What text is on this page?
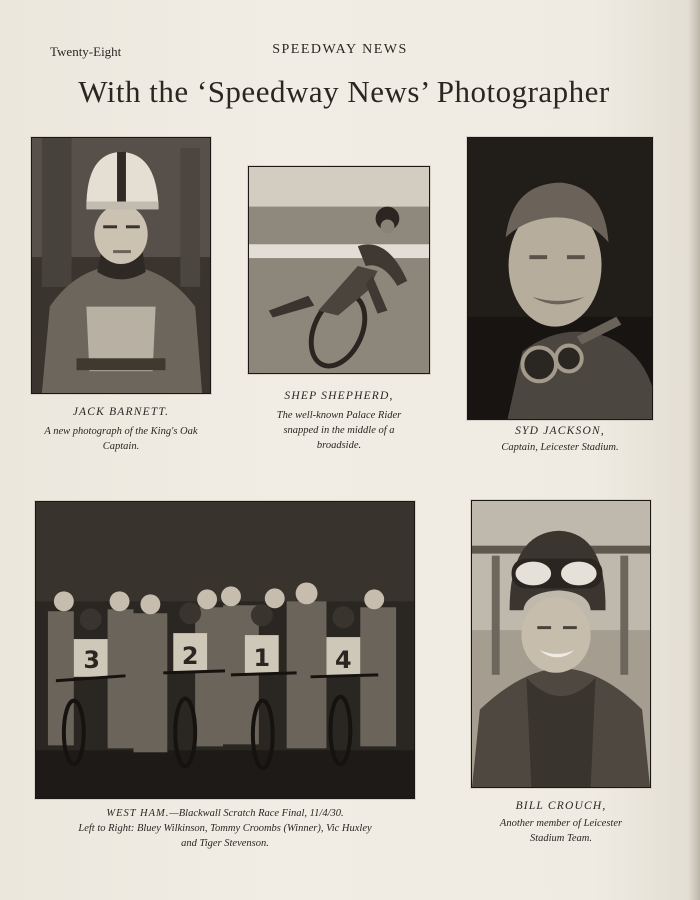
Twenty-Eight	SPEEDWAY NEWS
With the ‘Speedway News’ Photographer
JACK BARNETT.
A new photograph of the King's Oak
Captain.
SHEP SHEPHERD,
The well-known Palace Rider
snapped in the middle of a
broadside.
SYD JACKSON,
Captain, Leicester Stadium.
3	2 1	4
WEST HAM.—Blackwall Scratch Race Final, 11/4/30.
Left to Right: Bluey Wilkinson, Tommy Croombs (Winner), Vic Huxley
and Tiger Stevenson.
BILL CROUCH,
Another member of Leicester
Stadium Team.
